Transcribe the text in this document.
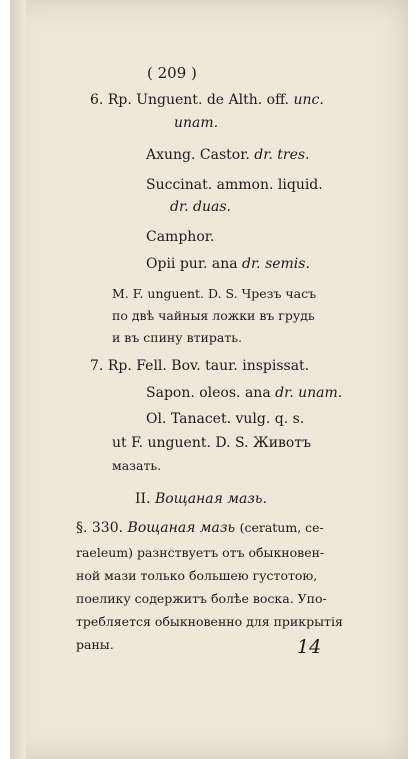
( 209 )
6. Rp. Unguent. de Alth. off. unc.
unam.
Axung. Castor. dr. tres.
Succinat. ammon. liquid.
dr. duas.
Camphor.
Opii pur. ana dr. semis.
M. F. unguent. D. S. Чрезъ часъ
по двѣ чайныя ложки въ грудь
и въ спину втирать.
7. Rp. Fell. Bov. taur. inspissat.
Sapon. oleos. ana dr. unam.
Ol. Tanacet. vulg. q. s.
ut F. unguent. D. S. Животъ
мазать.
II. Вощаная мазь.
§. 330. Вощаная мазь (ceratum, ce-
raeleum) разнствуетъ отъ обыкновен-
ной мази только большею густотою,
поелику содержитъ болѣе воска. Упо-
требляется обыкновенно для прикрытія
раны.	14
